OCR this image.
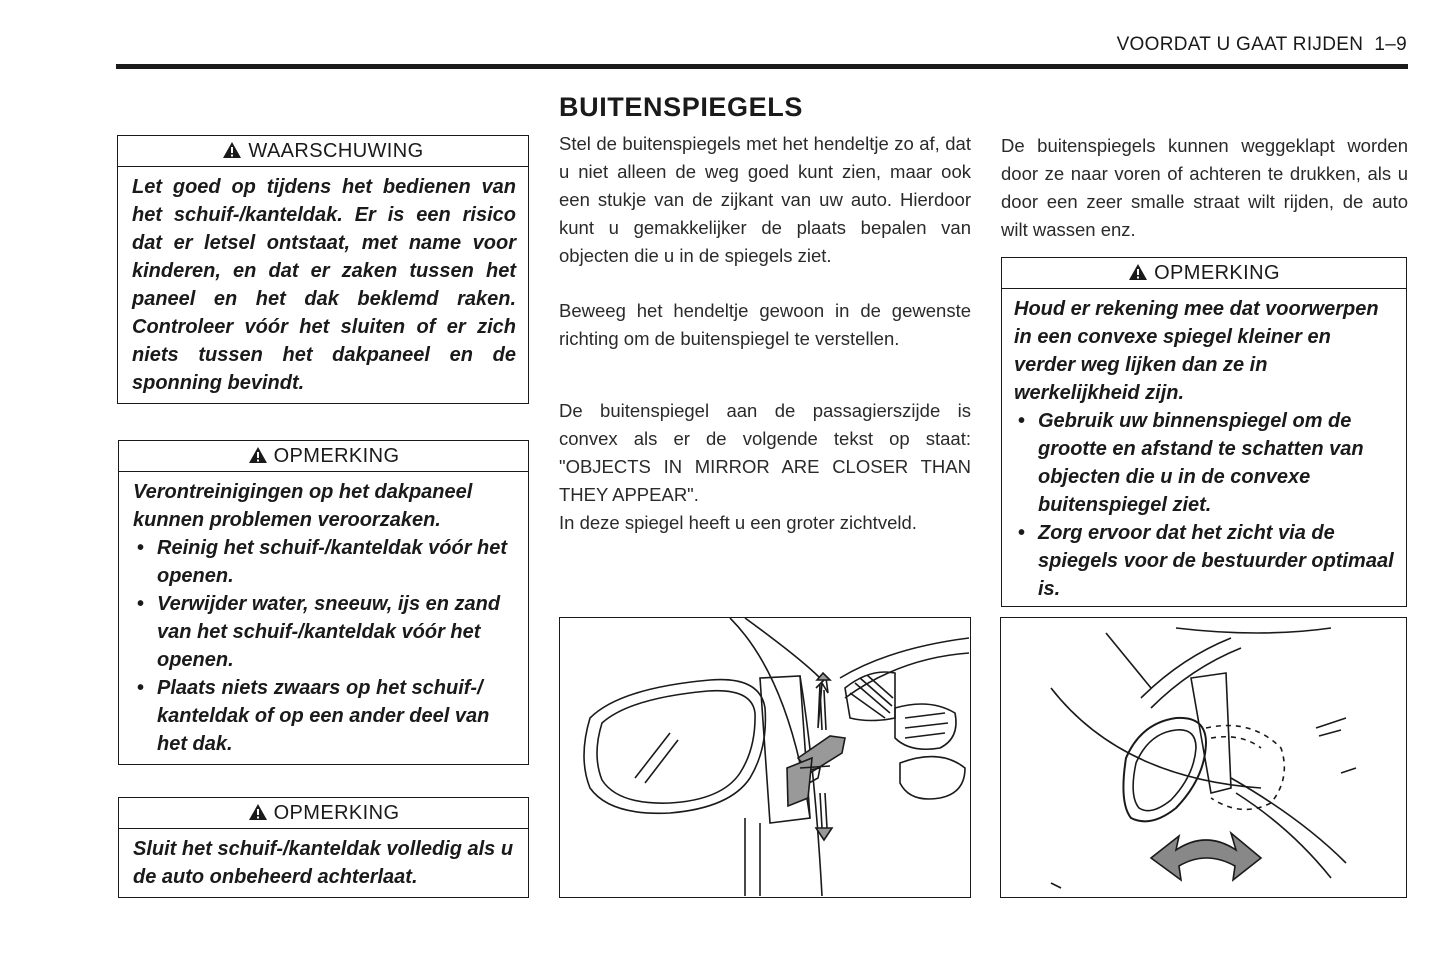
VOORDAT U GAAT RIJDEN 1–9
WAARSCHUWING

Let goed op tijdens het bedienen van het schuif-/kanteldak. Er is een risico dat er letsel ontstaat, met name voor kinderen, en dat er zaken tussen het paneel en het dak beklemd raken. Controleer vóór het sluiten of er zich niets tussen het dakpaneel en de sponning bevindt.

OPMERKING

Verontreinigingen op het dakpaneel kunnen problemen veroorzaken.

• Reinig het schuif-/kanteldak vóór het openen.
• Verwijder water, sneeuw, ijs en zand van het schuif-/kanteldak vóór het openen.
• Plaats niets zwaars op het schuif-/ kanteldak of op een ander deel van het dak.
OPMERKING

Sluit het schuif-/kanteldak volledig als u de auto onbeheerd achterlaat.

BUITENSPIEGELS
Stel de buitenspiegels met het hendeltje zo af, dat u niet alleen de weg goed kunt zien, maar ook een stukje van de zijkant van uw auto. Hierdoor kunt u gemakkelijker de plaats bepalen van objecten die u in de spiegels ziet.
Beweeg het hendeltje gewoon in de gewenste richting om de buitenspiegel te verstellen.
De buitenspiegel aan de passagierszijde is convex als er de volgende tekst op staat: "OBJECTS IN MIRROR ARE CLOSER THAN THEY APPEAR".
In deze spiegel heeft u een groter zichtveld.
De buitenspiegels kunnen weggeklapt worden door ze naar voren of achteren te drukken, als u door een zeer smalle straat wilt rijden, de auto wilt wassen enz.
OPMERKING

Houd er rekening mee dat voorwerpen in een convexe spiegel kleiner en verder weg lijken dan ze in werkelijkheid zijn.

• Gebruik uw binnenspiegel om de grootte en afstand te schatten van objecten die u in de convexe buitenspiegel ziet.
• Zorg ervoor dat het zicht via de spiegels voor de bestuurder optimaal is.
